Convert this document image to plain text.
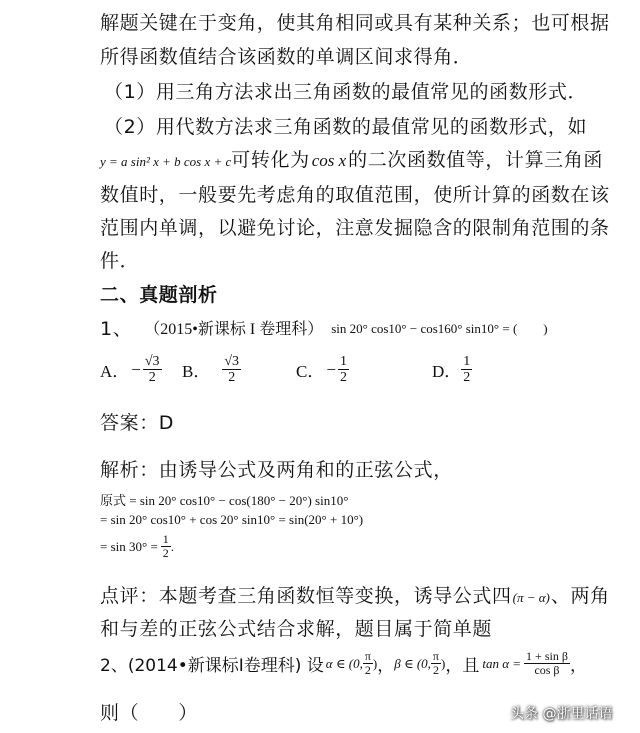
解题关键在于变角，使其角相同或具有某种关系；也可根据
所得函数值结合该函数的单调区间求得角．
（1）用三角方法求出三角函数的最值常见的函数形式．
（2）用代数方法求三角函数的最值常见的函数形式，如
y = a sin² x + b cos x + c 可转化为 cos x 的二次函数值等，计算三角函
数值时，一般要先考虑角的取值范围，使所计算的函数在该
范围内单调，以避免讨论，注意发掘隐含的限制角范围的条
件．
二、真题剖析
1、 （2015•新课标 I 卷理科） sin 20° cos10° − cos160° sin10° = (　　)
A． − $\frac{√3}{2}$ B． $\frac{√3}{2}$	C． − $\frac{1}{2}$	D． $\frac{1}{2}$
答案：D
解析：由诱导公式及两角和的正弦公式，
原式 = sin 20° cos10° − cos(180° − 20°) sin10°
= sin 20° cos10° + cos 20° sin10° = sin(20° + 10°)
= $\sin 30^\circ = \frac{1}{2}$ .
点评：本题考查三角函数恒等变换，诱导公式四 (π − α) 、两角
和与差的正弦公式结合求解，题目属于简单题
2、(2014•新课标Ⅰ卷理科) 设 α ∈ (0, $\frac{\pi}{2}$ ) ， β ∈ (0, $\frac{\pi}{2}$ ) ，且 $\tan \alpha = \frac{\text{1 + sin β}}{\text{cos β}}$ ，
则（　　）	头条 @浙里话语
